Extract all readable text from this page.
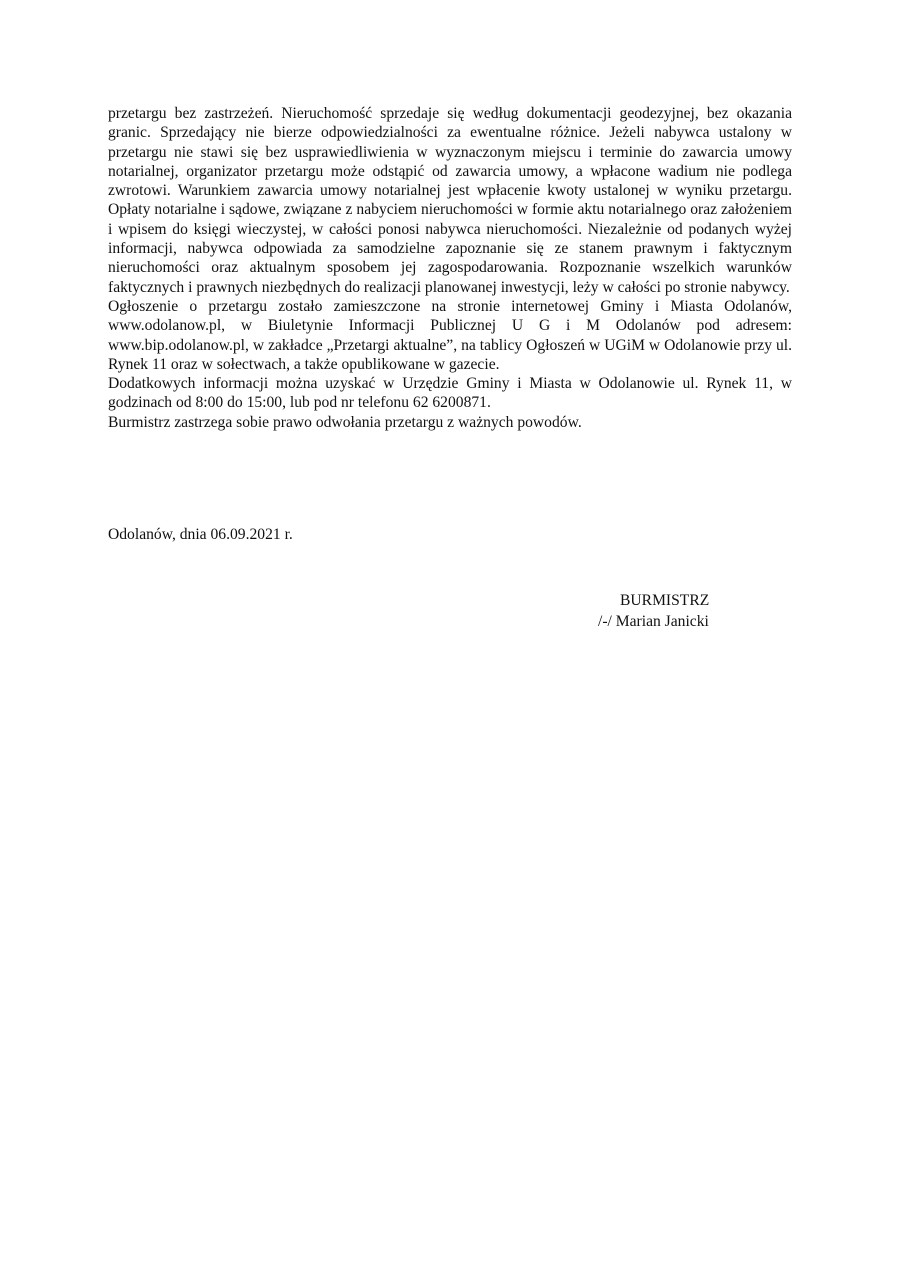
przetargu bez zastrzeżeń. Nieruchomość sprzedaje się według dokumentacji geodezyjnej, bez okazania granic. Sprzedający nie bierze odpowiedzialności za ewentualne różnice. Jeżeli nabywca ustalony w przetargu nie stawi się bez usprawiedliwienia w wyznaczonym miejscu i terminie do zawarcia umowy notarialnej, organizator przetargu może odstąpić od zawarcia umowy, a wpłacone wadium nie podlega zwrotowi. Warunkiem zawarcia umowy notarialnej jest wpłacenie kwoty ustalonej w wyniku przetargu. Opłaty notarialne i sądowe, związane z nabyciem nieruchomości w formie aktu notarialnego oraz założeniem i wpisem do księgi wieczystej, w całości ponosi nabywca nieruchomości. Niezależnie od podanych wyżej informacji, nabywca odpowiada za samodzielne zapoznanie się ze stanem prawnym i faktycznym nieruchomości oraz aktualnym sposobem jej zagospodarowania. Rozpoznanie wszelkich warunków faktycznych i prawnych niezbędnych do realizacji planowanej inwestycji, leży w całości po stronie nabywcy.

Ogłoszenie o przetargu zostało zamieszczone na stronie internetowej Gminy i Miasta Odolanów, www.odolanow.pl, w Biuletynie Informacji Publicznej U G i M Odolanów pod adresem: www.bip.odolanow.pl, w zakładce „Przetargi aktualne”, na tablicy Ogłoszeń w UGiM w Odolanowie przy ul. Rynek 11 oraz w sołectwach, a także opublikowane w gazecie.

Dodatkowych informacji można uzyskać w Urzędzie Gminy i Miasta w Odolanowie ul. Rynek 11, w godzinach od 8:00 do 15:00, lub pod nr telefonu 62 6200871.

Burmistrz zastrzega sobie prawo odwołania przetargu z ważnych powodów.

Odolanów, dnia 06.09.2021 r.
BURMISTRZ
/-/ Marian Janicki
